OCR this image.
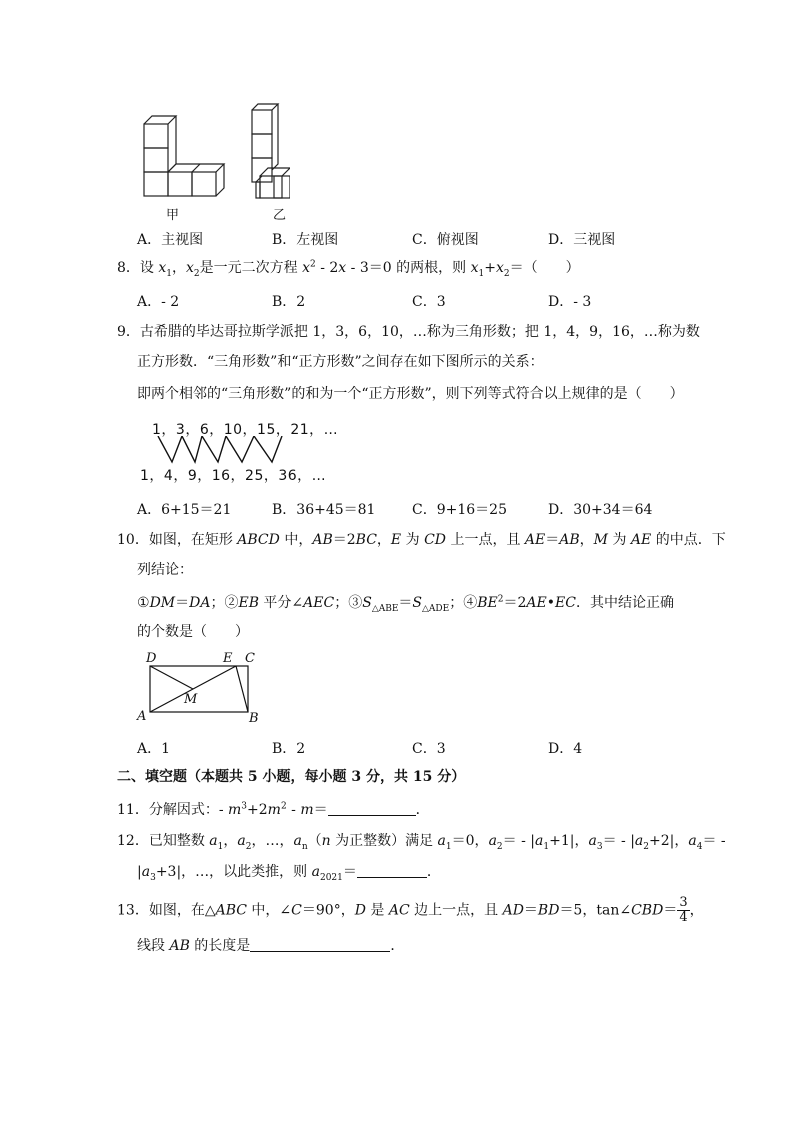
甲	乙
A．主视图	B．左视图	C．俯视图	D．三视图
8．设 $x_1$，$x_2$是一元二次方程 $x^2 - 2x - 3=0$ 的两根，则 $x_1+x_2=$（　　）
A．- 2	B．2	C．3	D．- 3
9．古希腊的毕达哥拉斯学派把 1，3，6，10，…称为三角形数；把 1，4，9，16，…称为数
正方形数．“三角形数”和“正方形数”之间存在如下图所示的关系：
即两个相邻的“三角形数”的和为一个“正方形数”，则下列等式符合以上规律的是（　　）
1，3，6，10，15，21，…
1，4，9，16，25，36，…
A．6+15＝21	B．36+45＝81	C．9+16＝25	D．30+34＝64
10．如图，在矩形 ABCD 中，AB＝2BC，E 为 CD 上一点，且 AE＝AB，M 为 AE 的中点．下
列结论：
①DM＝DA；②EB 平分∠AEC；$③S_{\triangle ABE}=S_{\triangle ADE}$；$④BE^2=2AE•EC$．其中结论正确
的个数是（　　）
D	E C
M
A	B
A．1	B．2	C．3	D．4
二、填空题（本题共 5 小题，每小题 3 分，共 15 分）
11．分解因式：- $m^3+2m^2 - m=$	．
12．已知整数 $a_1$，$a_2$，…，$a_n(n$ 为正整数）满足 $a_1=0$，$a_2= - |a_1+1|$，$a_3= - |a_2+2|$，$a_4=$ -
$|a_3+3|$，…，以此类推，则 $a_{2021}=$	．
13．如图，在△ABC 中，∠C＝90°，D 是 AC 边上一点，且 AD＝BD＝5，tan∠CBD＝ $\frac{3}{4}$ ，
线段 AB 的长度是	．
